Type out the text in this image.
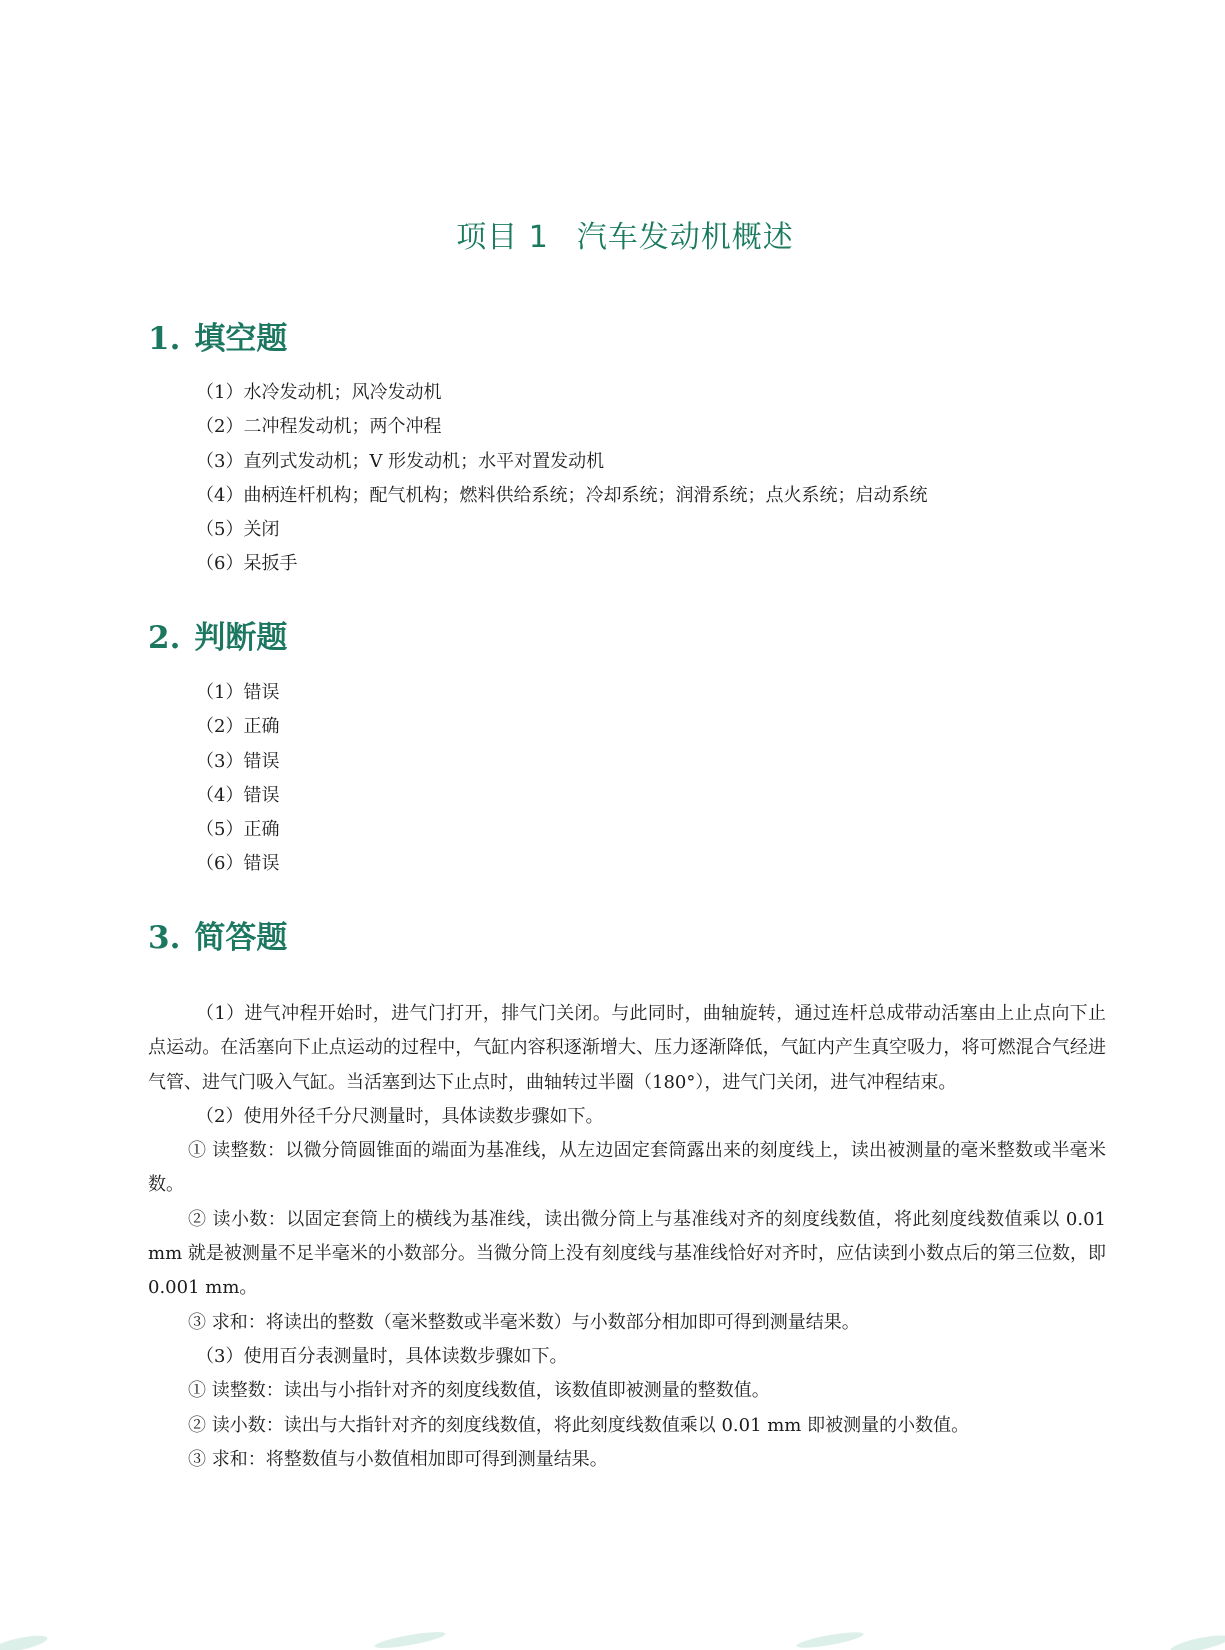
项目 1 汽车发动机概述
1. 填空题
（1）水冷发动机；风冷发动机
（2）二冲程发动机；两个冲程
（3）直列式发动机；V 形发动机；水平对置发动机
（4）曲柄连杆机构；配气机构；燃料供给系统；冷却系统；润滑系统；点火系统；启动系统
（5）关闭
（6）呆扳手
2. 判断题
（1）错误
（2）正确
（3）错误
（4）错误
（5）正确
（6）错误
3. 简答题

（1）进气冲程开始时，进气门打开，排气门关闭。与此同时，曲轴旋转，通过连杆总成带动活塞由上止点向下止点运动。在活塞向下止点运动的过程中，气缸内容积逐渐增大、压力逐渐降低，气缸内产生真空吸力，将可燃混合气经进气管、进气门吸入气缸。当活塞到达下止点时，曲轴转过半圈（180°），进气门关闭，进气冲程结束。

（2）使用外径千分尺测量时，具体读数步骤如下。

① 读整数：以微分筒圆锥面的端面为基准线，从左边固定套筒露出来的刻度线上，读出被测量的毫米整数或半毫米数。

② 读小数：以固定套筒上的横线为基准线，读出微分筒上与基准线对齐的刻度线数值，将此刻度线数值乘以 0.01 mm 就是被测量不足半毫米的小数部分。当微分筒上没有刻度线与基准线恰好对齐时，应估读到小数点后的第三位数，即 0.001 mm。

③ 求和：将读出的整数（毫米整数或半毫米数）与小数部分相加即可得到测量结果。

（3）使用百分表测量时，具体读数步骤如下。

① 读整数：读出与小指针对齐的刻度线数值，该数值即被测量的整数值。

② 读小数：读出与大指针对齐的刻度线数值，将此刻度线数值乘以 0.01 mm 即被测量的小数值。

③ 求和：将整数值与小数值相加即可得到测量结果。
